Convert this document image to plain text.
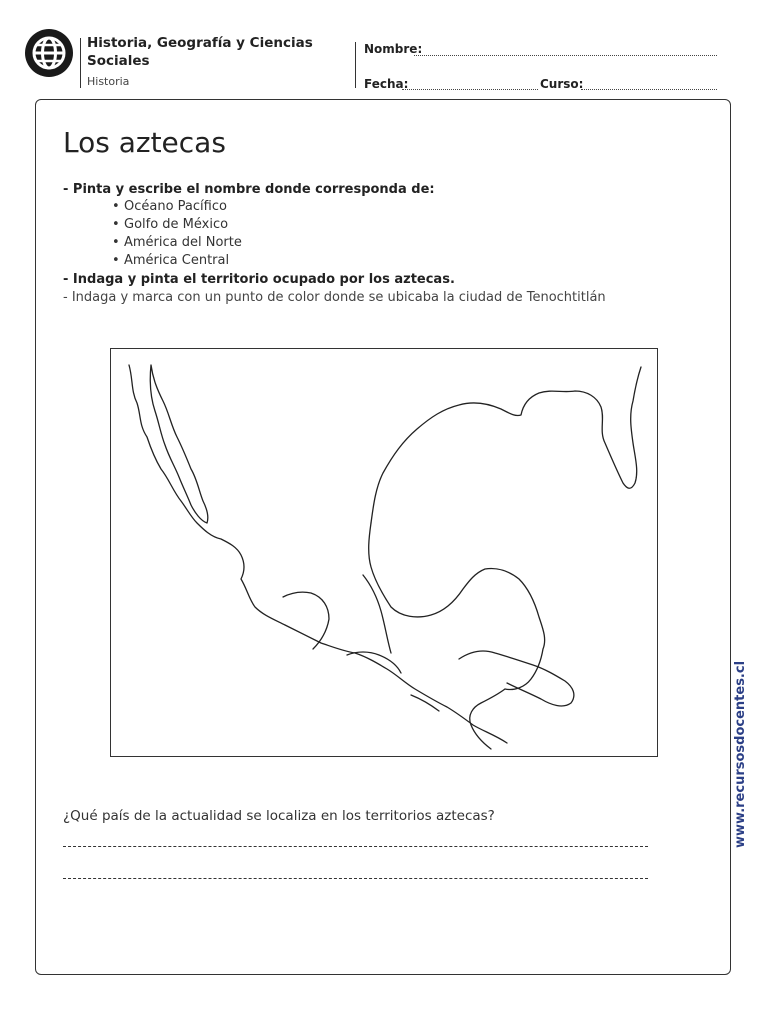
Historia, Geografía y Ciencias Sociales
Historia
Nombre:
Fecha:	Curso:
Los aztecas
- Pinta y escribe el nombre donde corresponda de:
• Océano Pacífico
• Golfo de México
• América del Norte
• América Central
- Indaga y pinta el territorio ocupado por los aztecas.
- Indaga y marca con un punto de color donde se ubicaba la ciudad de Tenochtitlán
¿Qué país de la actualidad se localiza en los territorios aztecas?	www.recursosdocentes.cl
